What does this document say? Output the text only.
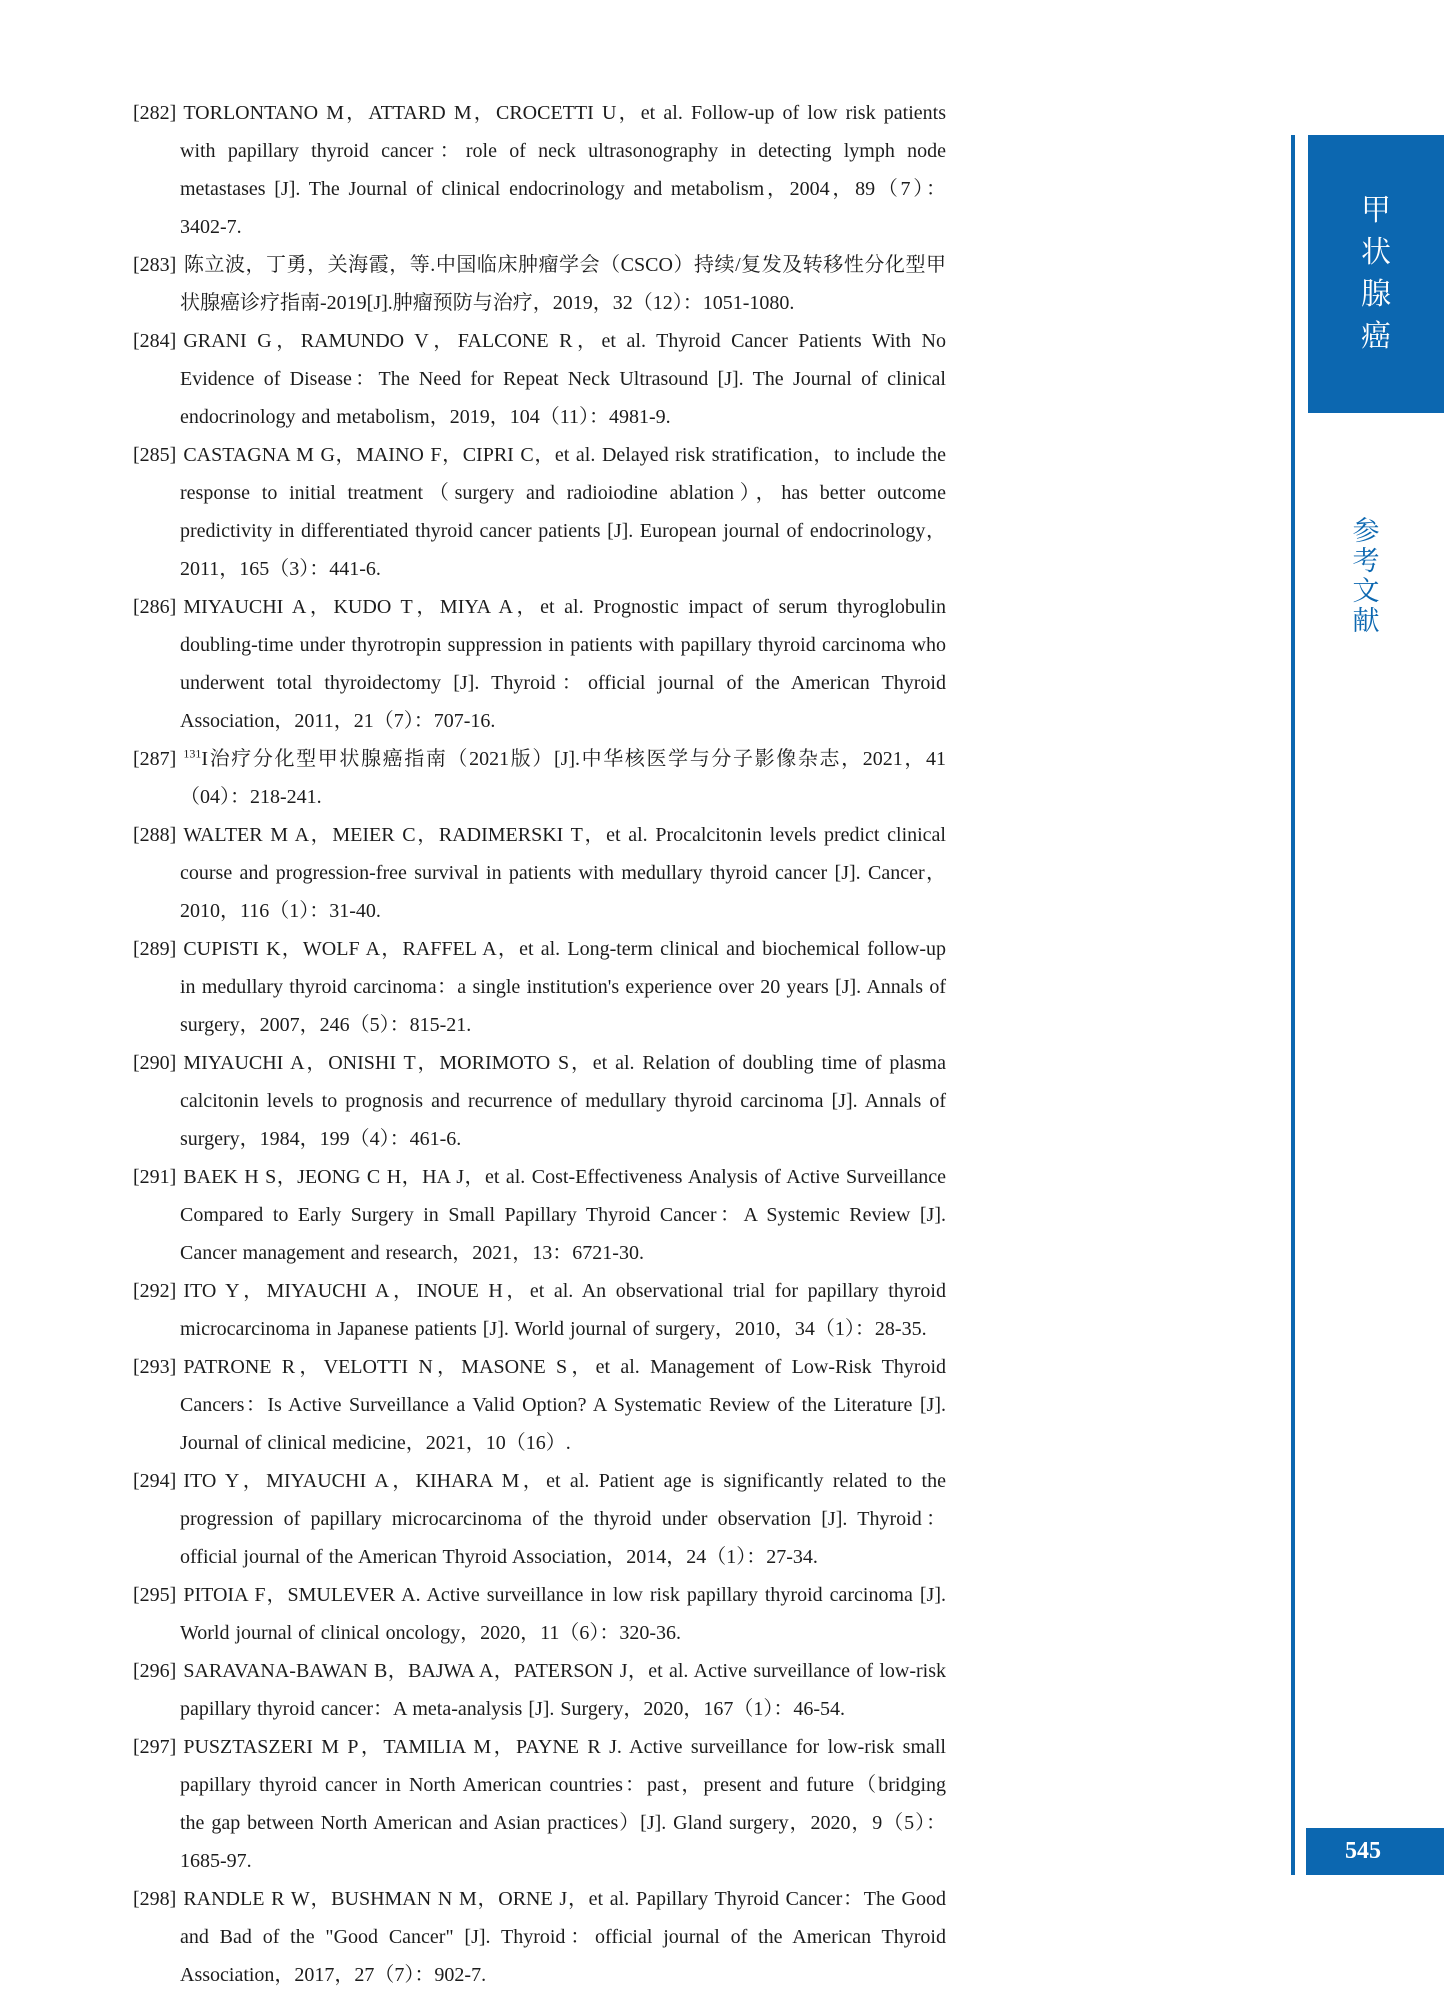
[282] TORLONTANO M，ATTARD M，CROCETTI U，et al. Follow-up of low risk patients with papillary thyroid cancer：role of neck ultrasonography in detecting lymph node metastases [J]. The Journal of clinical endocrinology and metabolism，2004，89（7）：3402-7.
[283] 陈立波，丁勇，关海霞，等.中国临床肿瘤学会（CSCO）持续/复发及转移性分化型甲状腺癌诊疗指南-2019[J].肿瘤预防与治疗，2019，32（12）：1051-1080.
[284] GRANI G，RAMUNDO V，FALCONE R，et al. Thyroid Cancer Patients With No Evidence of Disease：The Need for Repeat Neck Ultrasound [J]. The Journal of clinical endocrinology and metabolism，2019，104（11）：4981-9.
[285] CASTAGNA M G，MAINO F，CIPRI C，et al. Delayed risk stratification，to include the response to initial treatment（surgery and radioiodine ablation），has better outcome predictivity in differentiated thyroid cancer patients [J]. European journal of endocrinology，2011，165（3）：441-6.
[286] MIYAUCHI A，KUDO T，MIYA A，et al. Prognostic impact of serum thyroglobulin doubling-time under thyrotropin suppression in patients with papillary thyroid carcinoma who underwent total thyroidectomy [J]. Thyroid：official journal of the American Thyroid Association，2011，21（7）：707-16.
[287] $^{131}$I治疗分化型甲状腺癌指南（2021版）[J].中华核医学与分子影像杂志，2021，41（04）：218-241.
[288] WALTER M A，MEIER C，RADIMERSKI T，et al. Procalcitonin levels predict clinical course and progression-free survival in patients with medullary thyroid cancer [J]. Cancer，2010，116（1）：31-40.
[289] CUPISTI K，WOLF A，RAFFEL A，et al. Long-term clinical and biochemical follow-up in medullary thyroid carcinoma：a single institution's experience over 20 years [J]. Annals of surgery，2007，246（5）：815-21.
[290] MIYAUCHI A，ONISHI T，MORIMOTO S，et al. Relation of doubling time of plasma calcitonin levels to prognosis and recurrence of medullary thyroid carcinoma [J]. Annals of surgery，1984，199（4）：461-6.
[291] BAEK H S，JEONG C H，HA J，et al. Cost-Effectiveness Analysis of Active Surveillance Compared to Early Surgery in Small Papillary Thyroid Cancer：A Systemic Review [J]. Cancer management and research，2021，13：6721-30.
[292] ITO Y，MIYAUCHI A，INOUE H，et al. An observational trial for papillary thyroid microcarcinoma in Japanese patients [J]. World journal of surgery，2010，34（1）：28-35.
[293] PATRONE R，VELOTTI N，MASONE S，et al. Management of Low-Risk Thyroid Cancers：Is Active Surveillance a Valid Option? A Systematic Review of the Literature [J]. Journal of clinical medicine，2021，10（16）.
[294] ITO Y，MIYAUCHI A，KIHARA M，et al. Patient age is significantly related to the progression of papillary microcarcinoma of the thyroid under observation [J]. Thyroid：official journal of the American Thyroid Association，2014，24（1）：27-34.
[295] PITOIA F，SMULEVER A. Active surveillance in low risk papillary thyroid carcinoma [J]. World journal of clinical oncology，2020，11（6）：320-36.
[296] SARAVANA-BAWAN B，BAJWA A，PATERSON J，et al. Active surveillance of low-risk papillary thyroid cancer：A meta-analysis [J]. Surgery，2020，167（1）：46-54.
[297] PUSZTASZERI M P，TAMILIA M，PAYNE R J. Active surveillance for low-risk small papillary thyroid cancer in North American countries：past，present and future（bridging the gap between North American and Asian practices）[J]. Gland surgery，2020，9（5）：1685-97.
[298] RANDLE R W，BUSHMAN N M，ORNE J，et al. Papillary Thyroid Cancer：The Good and Bad of the "Good Cancer" [J]. Thyroid：official journal of the American Thyroid Association，2017，27（7）：902-7.
甲
状
腺
癌
参
考
文
献
545
